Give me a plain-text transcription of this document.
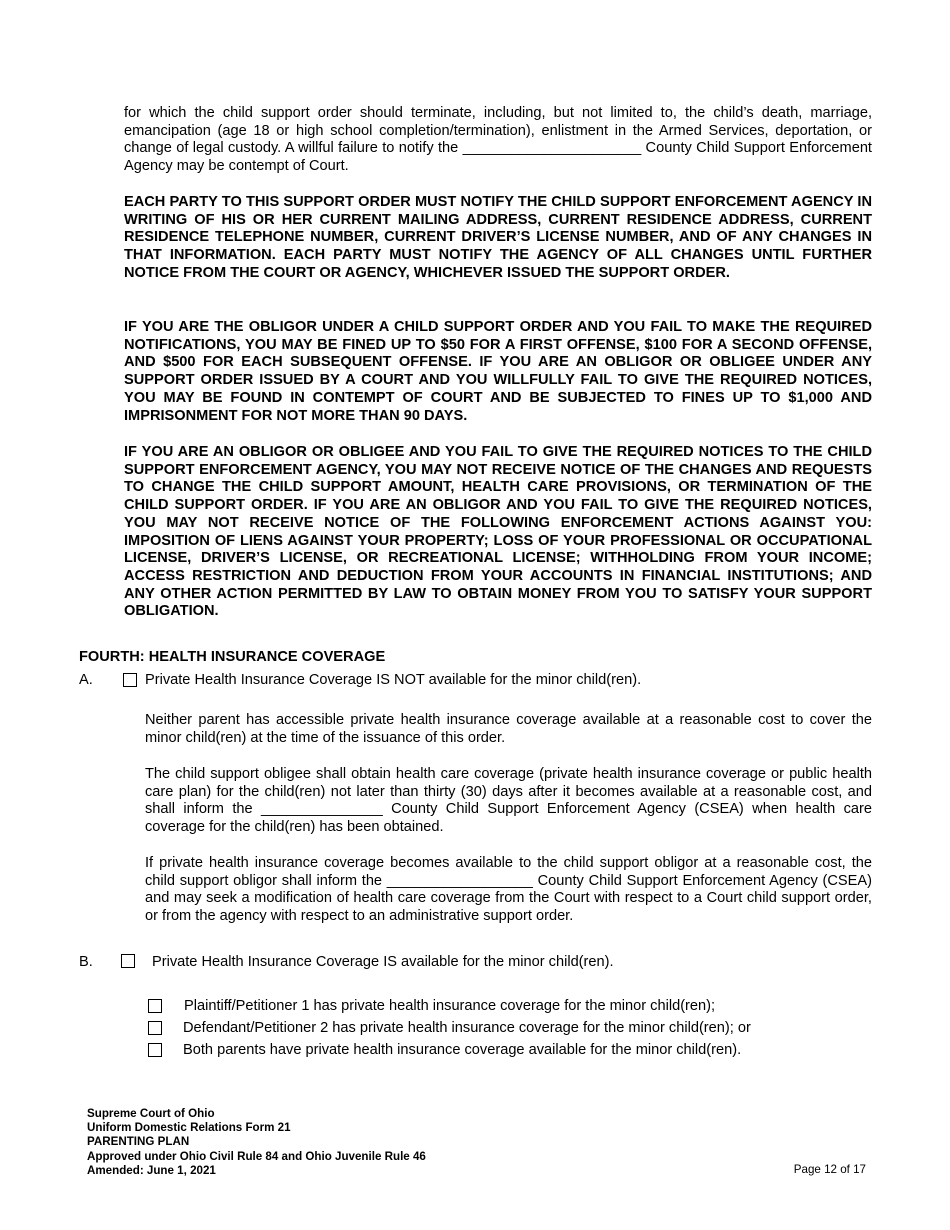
for which the child support order should terminate, including, but not limited to, the child’s death, marriage, emancipation (age 18 or high school completion/termination), enlistment in the Armed Services, deportation, or change of legal custody. A willful failure to notify the ______________________ County Child Support Enforcement Agency may be contempt of Court.

EACH PARTY TO THIS SUPPORT ORDER MUST NOTIFY THE CHILD SUPPORT ENFORCEMENT AGENCY IN WRITING OF HIS OR HER CURRENT MAILING ADDRESS, CURRENT RESIDENCE ADDRESS, CURRENT RESIDENCE TELEPHONE NUMBER, CURRENT DRIVER’S LICENSE NUMBER, AND OF ANY CHANGES IN THAT INFORMATION. EACH PARTY MUST NOTIFY THE AGENCY OF ALL CHANGES UNTIL FURTHER NOTICE FROM THE COURT OR AGENCY, WHICHEVER ISSUED THE SUPPORT ORDER.

IF YOU ARE THE OBLIGOR UNDER A CHILD SUPPORT ORDER AND YOU FAIL TO MAKE THE REQUIRED NOTIFICATIONS, YOU MAY BE FINED UP TO $50 FOR A FIRST OFFENSE, $100 FOR A SECOND OFFENSE, AND $500 FOR EACH SUBSEQUENT OFFENSE. IF YOU ARE AN OBLIGOR OR OBLIGEE UNDER ANY SUPPORT ORDER ISSUED BY A COURT AND YOU WILLFULLY FAIL TO GIVE THE REQUIRED NOTICES, YOU MAY BE FOUND IN CONTEMPT OF COURT AND BE SUBJECTED TO FINES UP TO $1,000 AND IMPRISONMENT FOR NOT MORE THAN 90 DAYS.

IF YOU ARE AN OBLIGOR OR OBLIGEE AND YOU FAIL TO GIVE THE REQUIRED NOTICES TO THE CHILD SUPPORT ENFORCEMENT AGENCY, YOU MAY NOT RECEIVE NOTICE OF THE CHANGES AND REQUESTS TO CHANGE THE CHILD SUPPORT AMOUNT, HEALTH CARE PROVISIONS, OR TERMINATION OF THE CHILD SUPPORT ORDER. IF YOU ARE AN OBLIGOR AND YOU FAIL TO GIVE THE REQUIRED NOTICES, YOU MAY NOT RECEIVE NOTICE OF THE FOLLOWING ENFORCEMENT ACTIONS AGAINST YOU: IMPOSITION OF LIENS AGAINST YOUR PROPERTY; LOSS OF YOUR PROFESSIONAL OR OCCUPATIONAL LICENSE, DRIVER’S LICENSE, OR RECREATIONAL LICENSE; WITHHOLDING FROM YOUR INCOME; ACCESS RESTRICTION AND DEDUCTION FROM YOUR ACCOUNTS IN FINANCIAL INSTITUTIONS; AND ANY OTHER ACTION PERMITTED BY LAW TO OBTAIN MONEY FROM YOU TO SATISFY YOUR SUPPORT OBLIGATION.

FOURTH: HEALTH INSURANCE COVERAGE

A.	Private Health Insurance Coverage IS NOT available for the minor child(ren).

Neither parent has accessible private health insurance coverage available at a reasonable cost to cover the minor child(ren) at the time of the issuance of this order.

The child support obligee shall obtain health care coverage (private health insurance coverage or public health care plan) for the child(ren) not later than thirty (30) days after it becomes available at a reasonable cost, and shall inform the _______________ County Child Support Enforcement Agency (CSEA) when health care coverage for the child(ren) has been obtained.

If private health insurance coverage becomes available to the child support obligor at a reasonable cost, the child support obligor shall inform the __________________ County Child Support Enforcement Agency (CSEA) and may seek a modification of health care coverage from the Court with respect to a Court child support order, or from the agency with respect to an administrative support order.

B.	Private Health Insurance Coverage IS available for the minor child(ren).
Plaintiff/Petitioner 1 has private health insurance coverage for the minor child(ren);
Defendant/Petitioner 2 has private health insurance coverage for the minor child(ren); or
Both parents have private health insurance coverage available for the minor child(ren).
Supreme Court of Ohio
Uniform Domestic Relations Form 21
PARENTING PLAN
Approved under Ohio Civil Rule 84 and Ohio Juvenile Rule 46
Amended: June 1, 2021	Page 12 of 17
